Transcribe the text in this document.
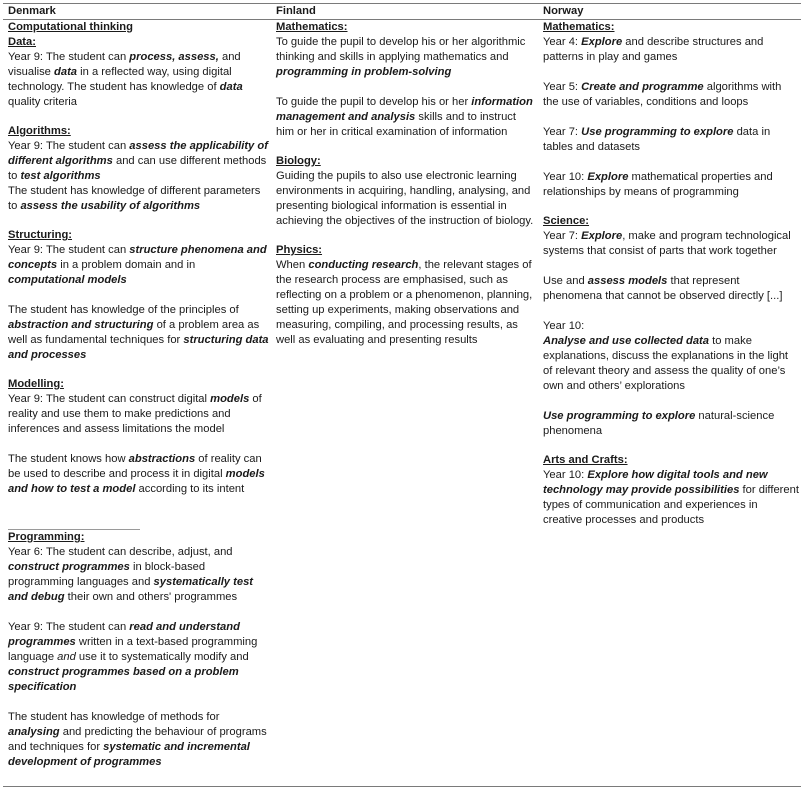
Denmark
Computational thinking
Data:
Year 9: The student can process, assess, and visualise data in a reflected way, using digital technology. The student has knowledge of data quality criteria
Algorithms:
Year 9: The student can assess the applicability of different algorithms and can use different methods to test algorithms
The student has knowledge of different parameters to assess the usability of algorithms
Structuring:
Year 9: The student can structure phenomena and concepts in a problem domain and in computational models
The student has knowledge of the principles of abstraction and structuring of a problem area as well as fundamental techniques for structuring data and processes
Modelling:
Year 9: The student can construct digital models of reality and use them to make predictions and inferences and assess limitations the model
The student knows how abstractions of reality can be used to describe and process it in digital models and how to test a model according to its intent
Programming:
Year 6: The student can describe, adjust, and construct programmes in block-based programming languages and systematically test and debug their own and others' programmes
Year 9: The student can read and understand programmes written in a text-based programming language and use it to systematically modify and construct programmes based on a problem specification
The student has knowledge of methods for analysing and predicting the behaviour of programs and techniques for systematic and incremental development of programmes
Finland
Mathematics:
To guide the pupil to develop his or her algorithmic thinking and skills in applying mathematics and programming in problem-solving
To guide the pupil to develop his or her information management and analysis skills and to instruct him or her in critical examination of information
Biology:
Guiding the pupils to also use electronic learning environments in acquiring, handling, analysing, and presenting biological information is essential in achieving the objectives of the instruction of biology.
Physics:
When conducting research, the relevant stages of the research process are emphasised, such as reflecting on a problem or a phenomenon, planning, setting up experiments, making observations and measuring, compiling, and processing results, as well as evaluating and presenting results
Norway
Mathematics:
Year 4: Explore and describe structures and patterns in play and games
Year 5: Create and programme algorithms with the use of variables, conditions and loops
Year 7: Use programming to explore data in tables and datasets
Year 10: Explore mathematical properties and relationships by means of programming
Science:
Year 7: Explore, make and program technological systems that consist of parts that work together
Use and assess models that represent phenomena that cannot be observed directly [...]
Year 10:
Analyse and use collected data to make explanations, discuss the explanations in the light of relevant theory and assess the quality of one’s own and others’ explorations
Use programming to explore natural-science phenomena
Arts and Crafts:
Year 10: Explore how digital tools and new technology may provide possibilities for different types of communication and experiences in creative processes and products
